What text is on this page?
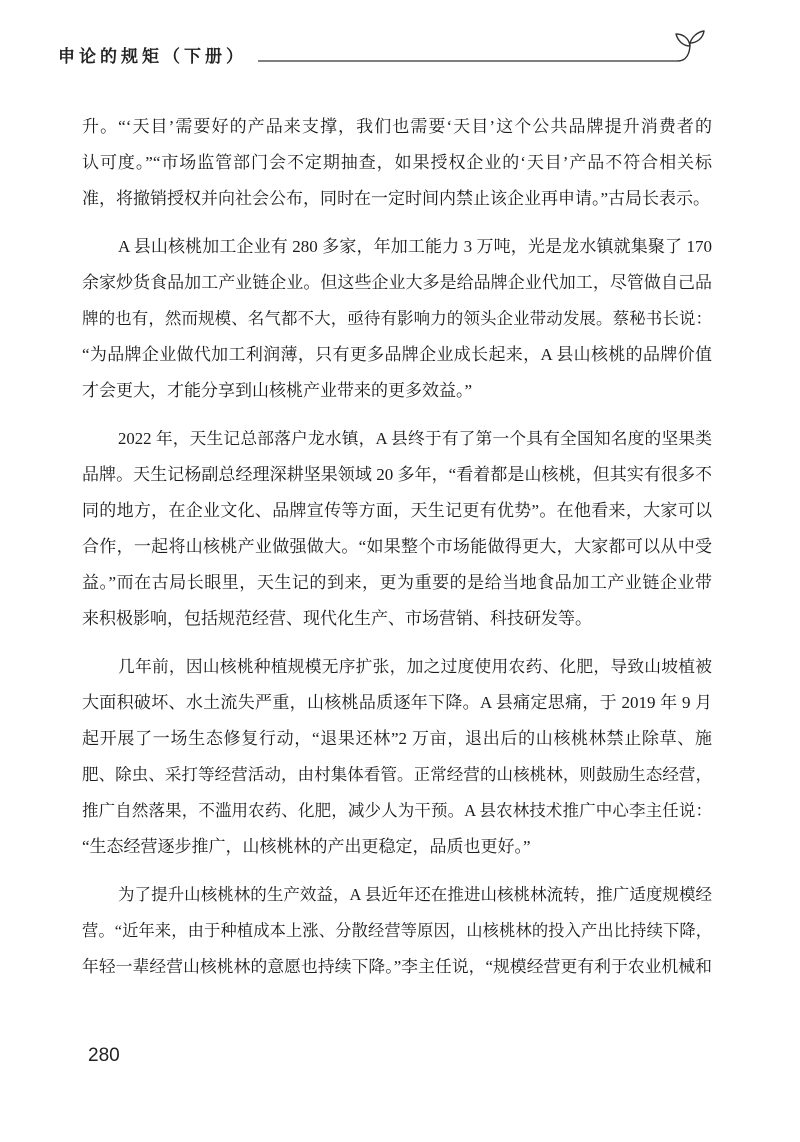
申论的规矩（下册）
升。“‘天目’需要好的产品来支撑，我们也需要‘天目’这个公共品牌提升消费者的
认可度。”“市场监管部门会不定期抽查，如果授权企业的‘天目’产品不符合相关标
准，将撤销授权并向社会公布，同时在一定时间内禁止该企业再申请。”古局长表示。
A 县山核桃加工企业有 280 多家，年加工能力 3 万吨，光是龙水镇就集聚了 170
余家炒货食品加工产业链企业。但这些企业大多是给品牌企业代加工，尽管做自己品
牌的也有，然而规模、名气都不大，亟待有影响力的领头企业带动发展。蔡秘书长说：
“为品牌企业做代加工利润薄，只有更多品牌企业成长起来，A 县山核桃的品牌价值
才会更大，才能分享到山核桃产业带来的更多效益。”
2022 年，天生记总部落户龙水镇，A 县终于有了第一个具有全国知名度的坚果类
品牌。天生记杨副总经理深耕坚果领域 20 多年，“看着都是山核桃，但其实有很多不
同的地方，在企业文化、品牌宣传等方面，天生记更有优势”。在他看来，大家可以
合作，一起将山核桃产业做强做大。“如果整个市场能做得更大，大家都可以从中受
益。”而在古局长眼里，天生记的到来，更为重要的是给当地食品加工产业链企业带
来积极影响，包括规范经营、现代化生产、市场营销、科技研发等。
几年前，因山核桃种植规模无序扩张，加之过度使用农药、化肥，导致山坡植被
大面积破坏、水土流失严重，山核桃品质逐年下降。A 县痛定思痛，于 2019 年 9 月
起开展了一场生态修复行动，“退果还林”2 万亩，退出后的山核桃林禁止除草、施
肥、除虫、采打等经营活动，由村集体看管。正常经营的山核桃林，则鼓励生态经营，
推广自然落果，不滥用农药、化肥，减少人为干预。A 县农林技术推广中心李主任说：
“生态经营逐步推广，山核桃林的产出更稳定，品质也更好。”
为了提升山核桃林的生产效益，A 县近年还在推进山核桃林流转，推广适度规模经
营。“近年来，由于种植成本上涨、分散经营等原因，山核桃林的投入产出比持续下降，
年轻一辈经营山核桃林的意愿也持续下降。”李主任说，“规模经营更有利于农业机械和
280
